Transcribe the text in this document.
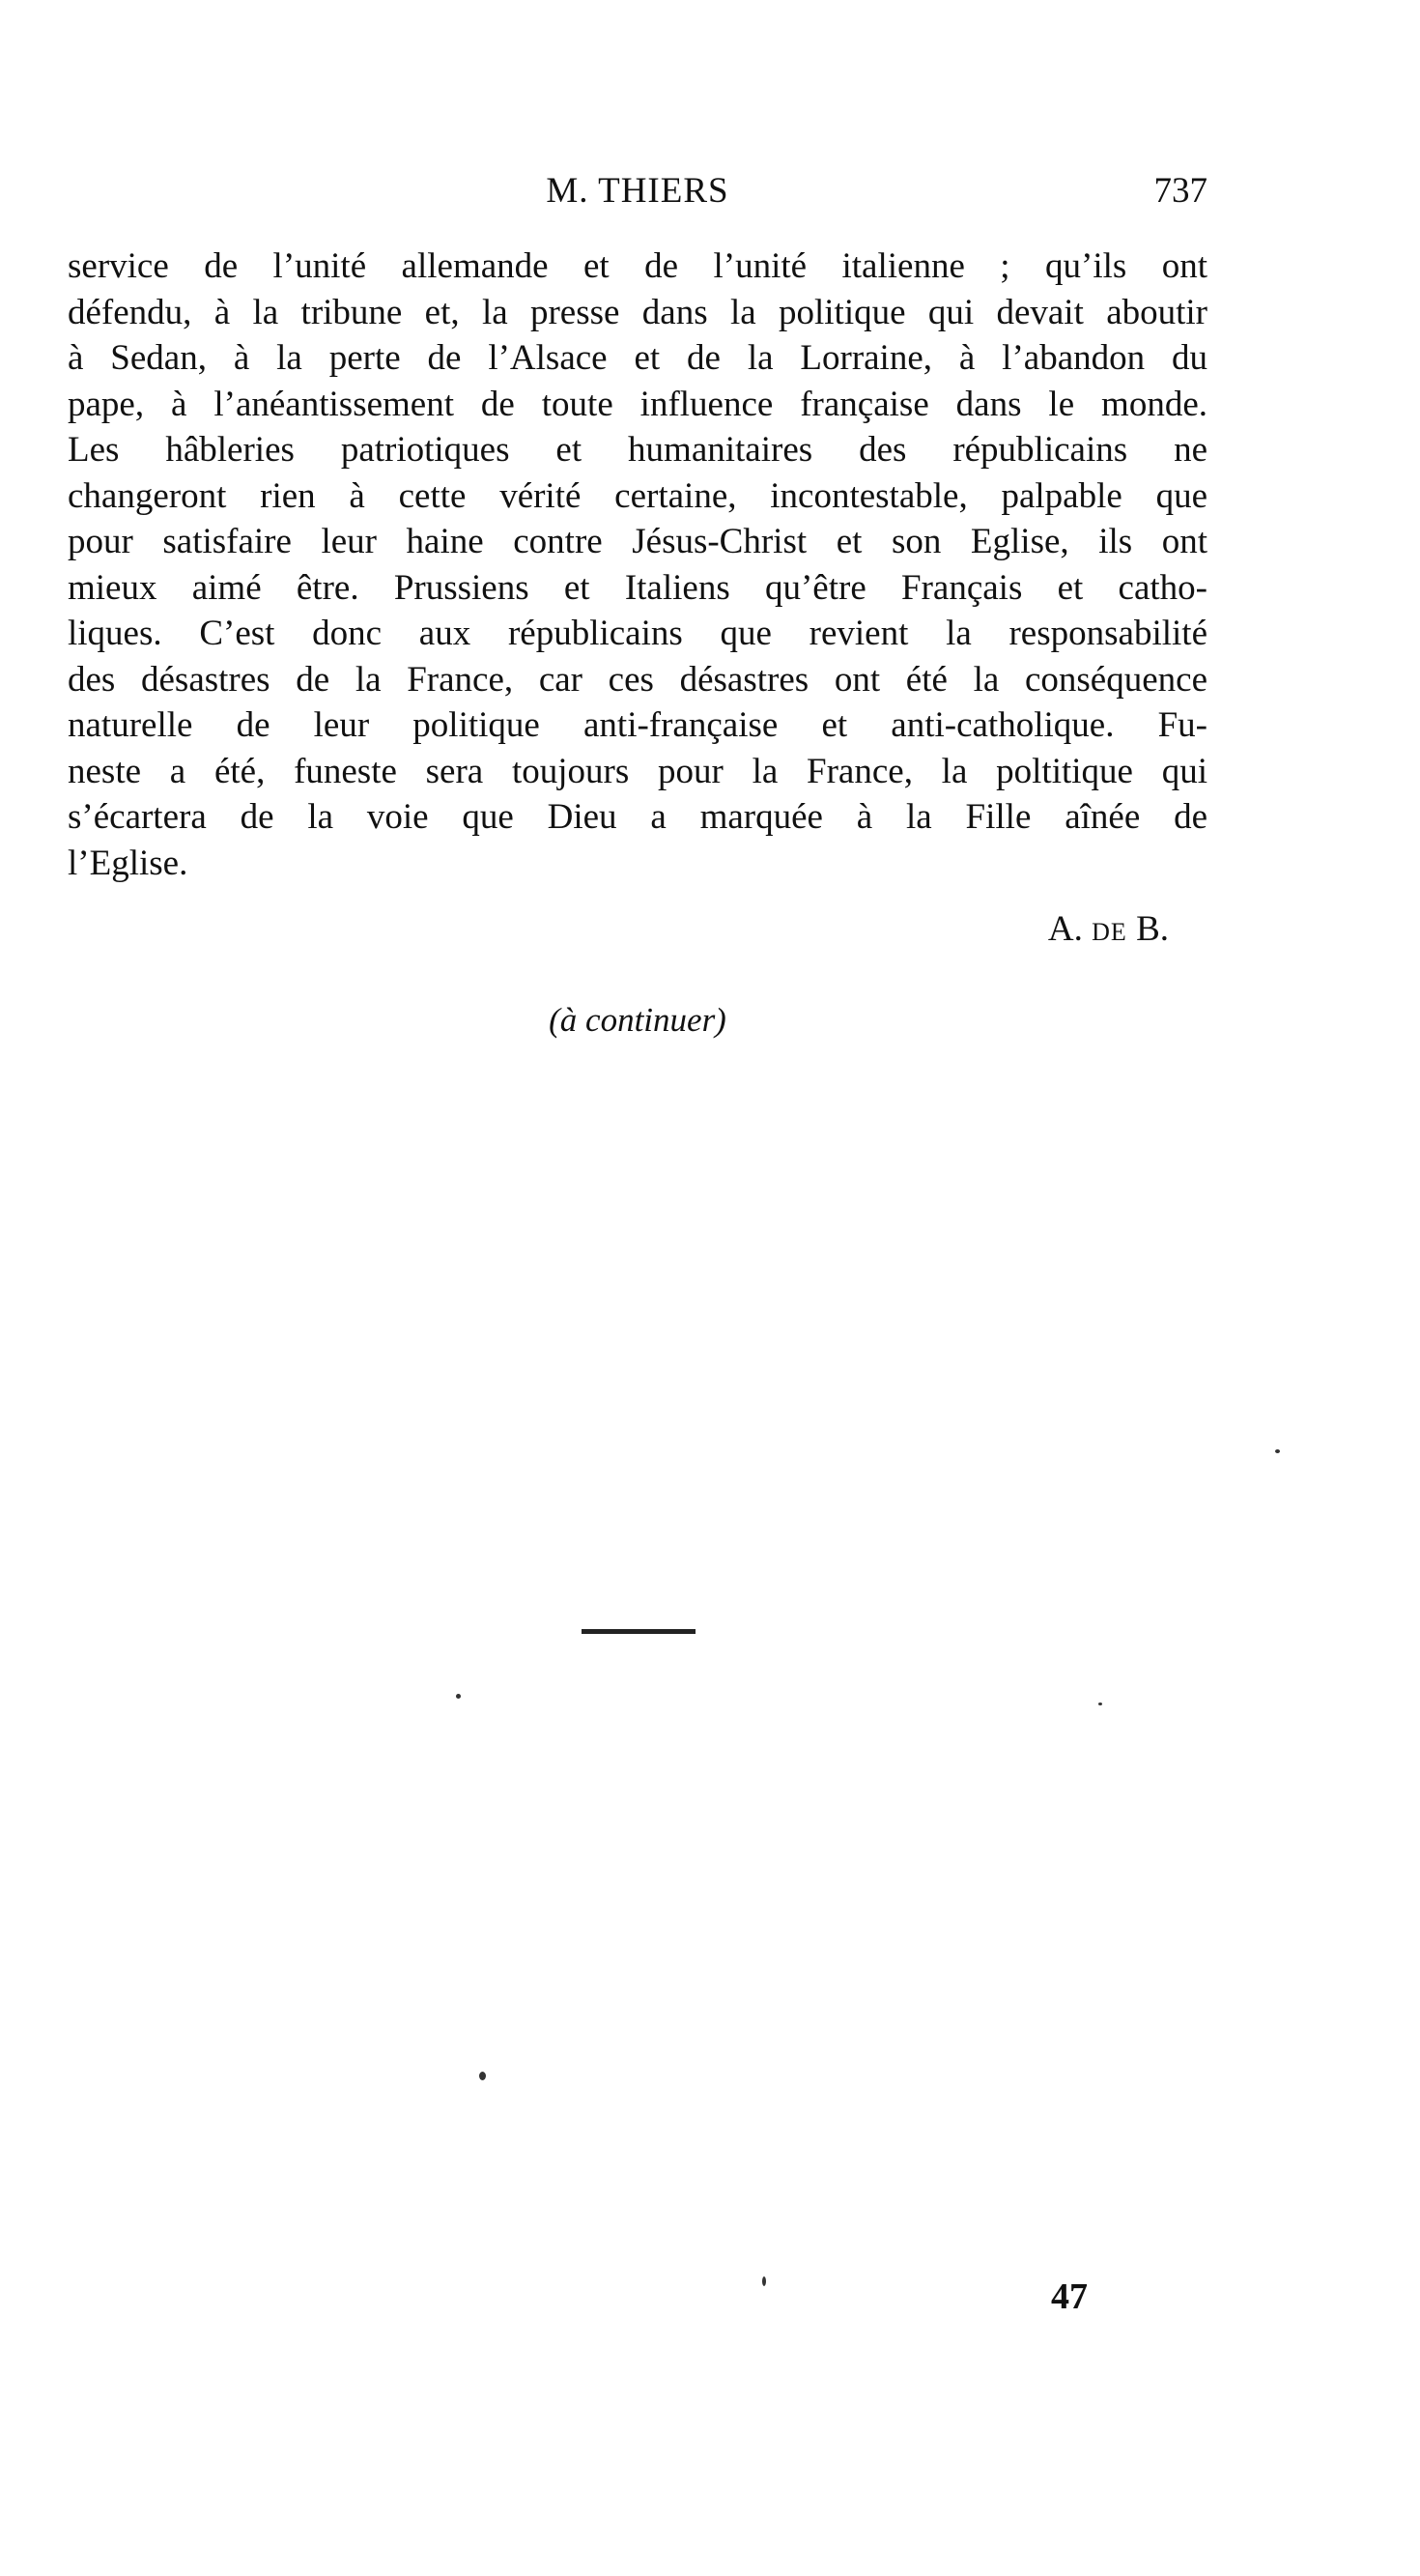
M. THIERS	737
service de l’unité allemande et de l’unité italienne ; qu’ils ont
défendu, à la tribune et, la presse dans la politique qui devait aboutir
à Sedan, à la perte de l’Alsace et de la Lorraine, à l’abandon du
pape, à l’anéantissement de toute influence française dans le monde.
Les hâbleries patriotiques et humanitaires des républicains ne
changeront rien à cette vérité certaine, incontestable, palpable que
pour satisfaire leur haine contre Jésus-Christ et son Eglise, ils ont
mieux aimé être. Prussiens et Italiens qu’être Français et catho-
liques. C’est donc aux républicains que revient la responsabilité
des désastres de la France, car ces désastres ont été la conséquence
naturelle de leur politique anti-française et anti-catholique. Fu-
neste a été, funeste sera toujours pour la France, la poltitique qui
s’écartera de la voie que Dieu a marquée à la Fille aînée de
l’Eglise.
A. DE B.
(à continuer)
47
